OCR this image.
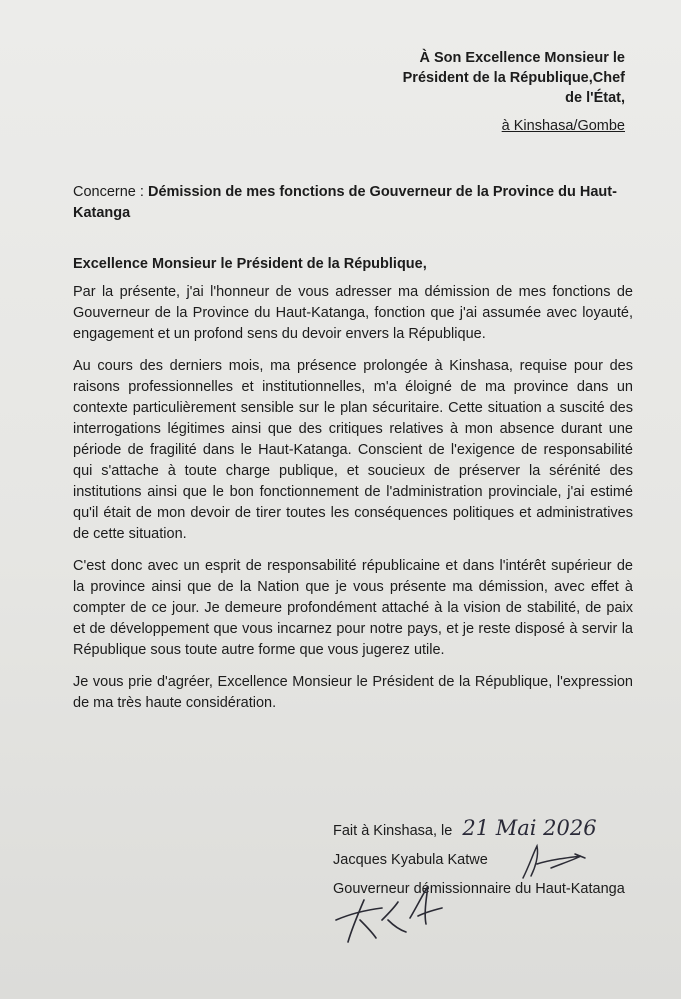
À Son Excellence Monsieur le
Président de la République,Chef
de l'État,
à Kinshasa/Gombe
Concerne : Démission de mes fonctions de Gouverneur de la Province du Haut-Katanga
Excellence Monsieur le Président de la République,

Par la présente, j'ai l'honneur de vous adresser ma démission de mes fonctions de Gouverneur de la Province du Haut-Katanga, fonction que j'ai assumée avec loyauté, engagement et un profond sens du devoir envers la République.

Au cours des derniers mois, ma présence prolongée à Kinshasa, requise pour des raisons professionnelles et institutionnelles, m'a éloigné de ma province dans un contexte particulièrement sensible sur le plan sécuritaire. Cette situation a suscité des interrogations légitimes ainsi que des critiques relatives à mon absence durant une période de fragilité dans le Haut-Katanga. Conscient de l'exigence de responsabilité qui s'attache à toute charge publique, et soucieux de préserver la sérénité des institutions ainsi que le bon fonctionnement de l'administration provinciale, j'ai estimé qu'il était de mon devoir de tirer toutes les conséquences politiques et administratives de cette situation.

C'est donc avec un esprit de responsabilité républicaine et dans l'intérêt supérieur de la province ainsi que de la Nation que je vous présente ma démission, avec effet à compter de ce jour. Je demeure profondément attaché à la vision de stabilité, de paix et de développement que vous incarnez pour notre pays, et je reste disposé à servir la République sous toute autre forme que vous jugerez utile.

Je vous prie d'agréer, Excellence Monsieur le Président de la République, l'expression de ma très haute considération.

Fait à Kinshasa, le 21 Mai 2026
Jacques Kyabula Katwe
Gouverneur démissionnaire du Haut-Katanga
